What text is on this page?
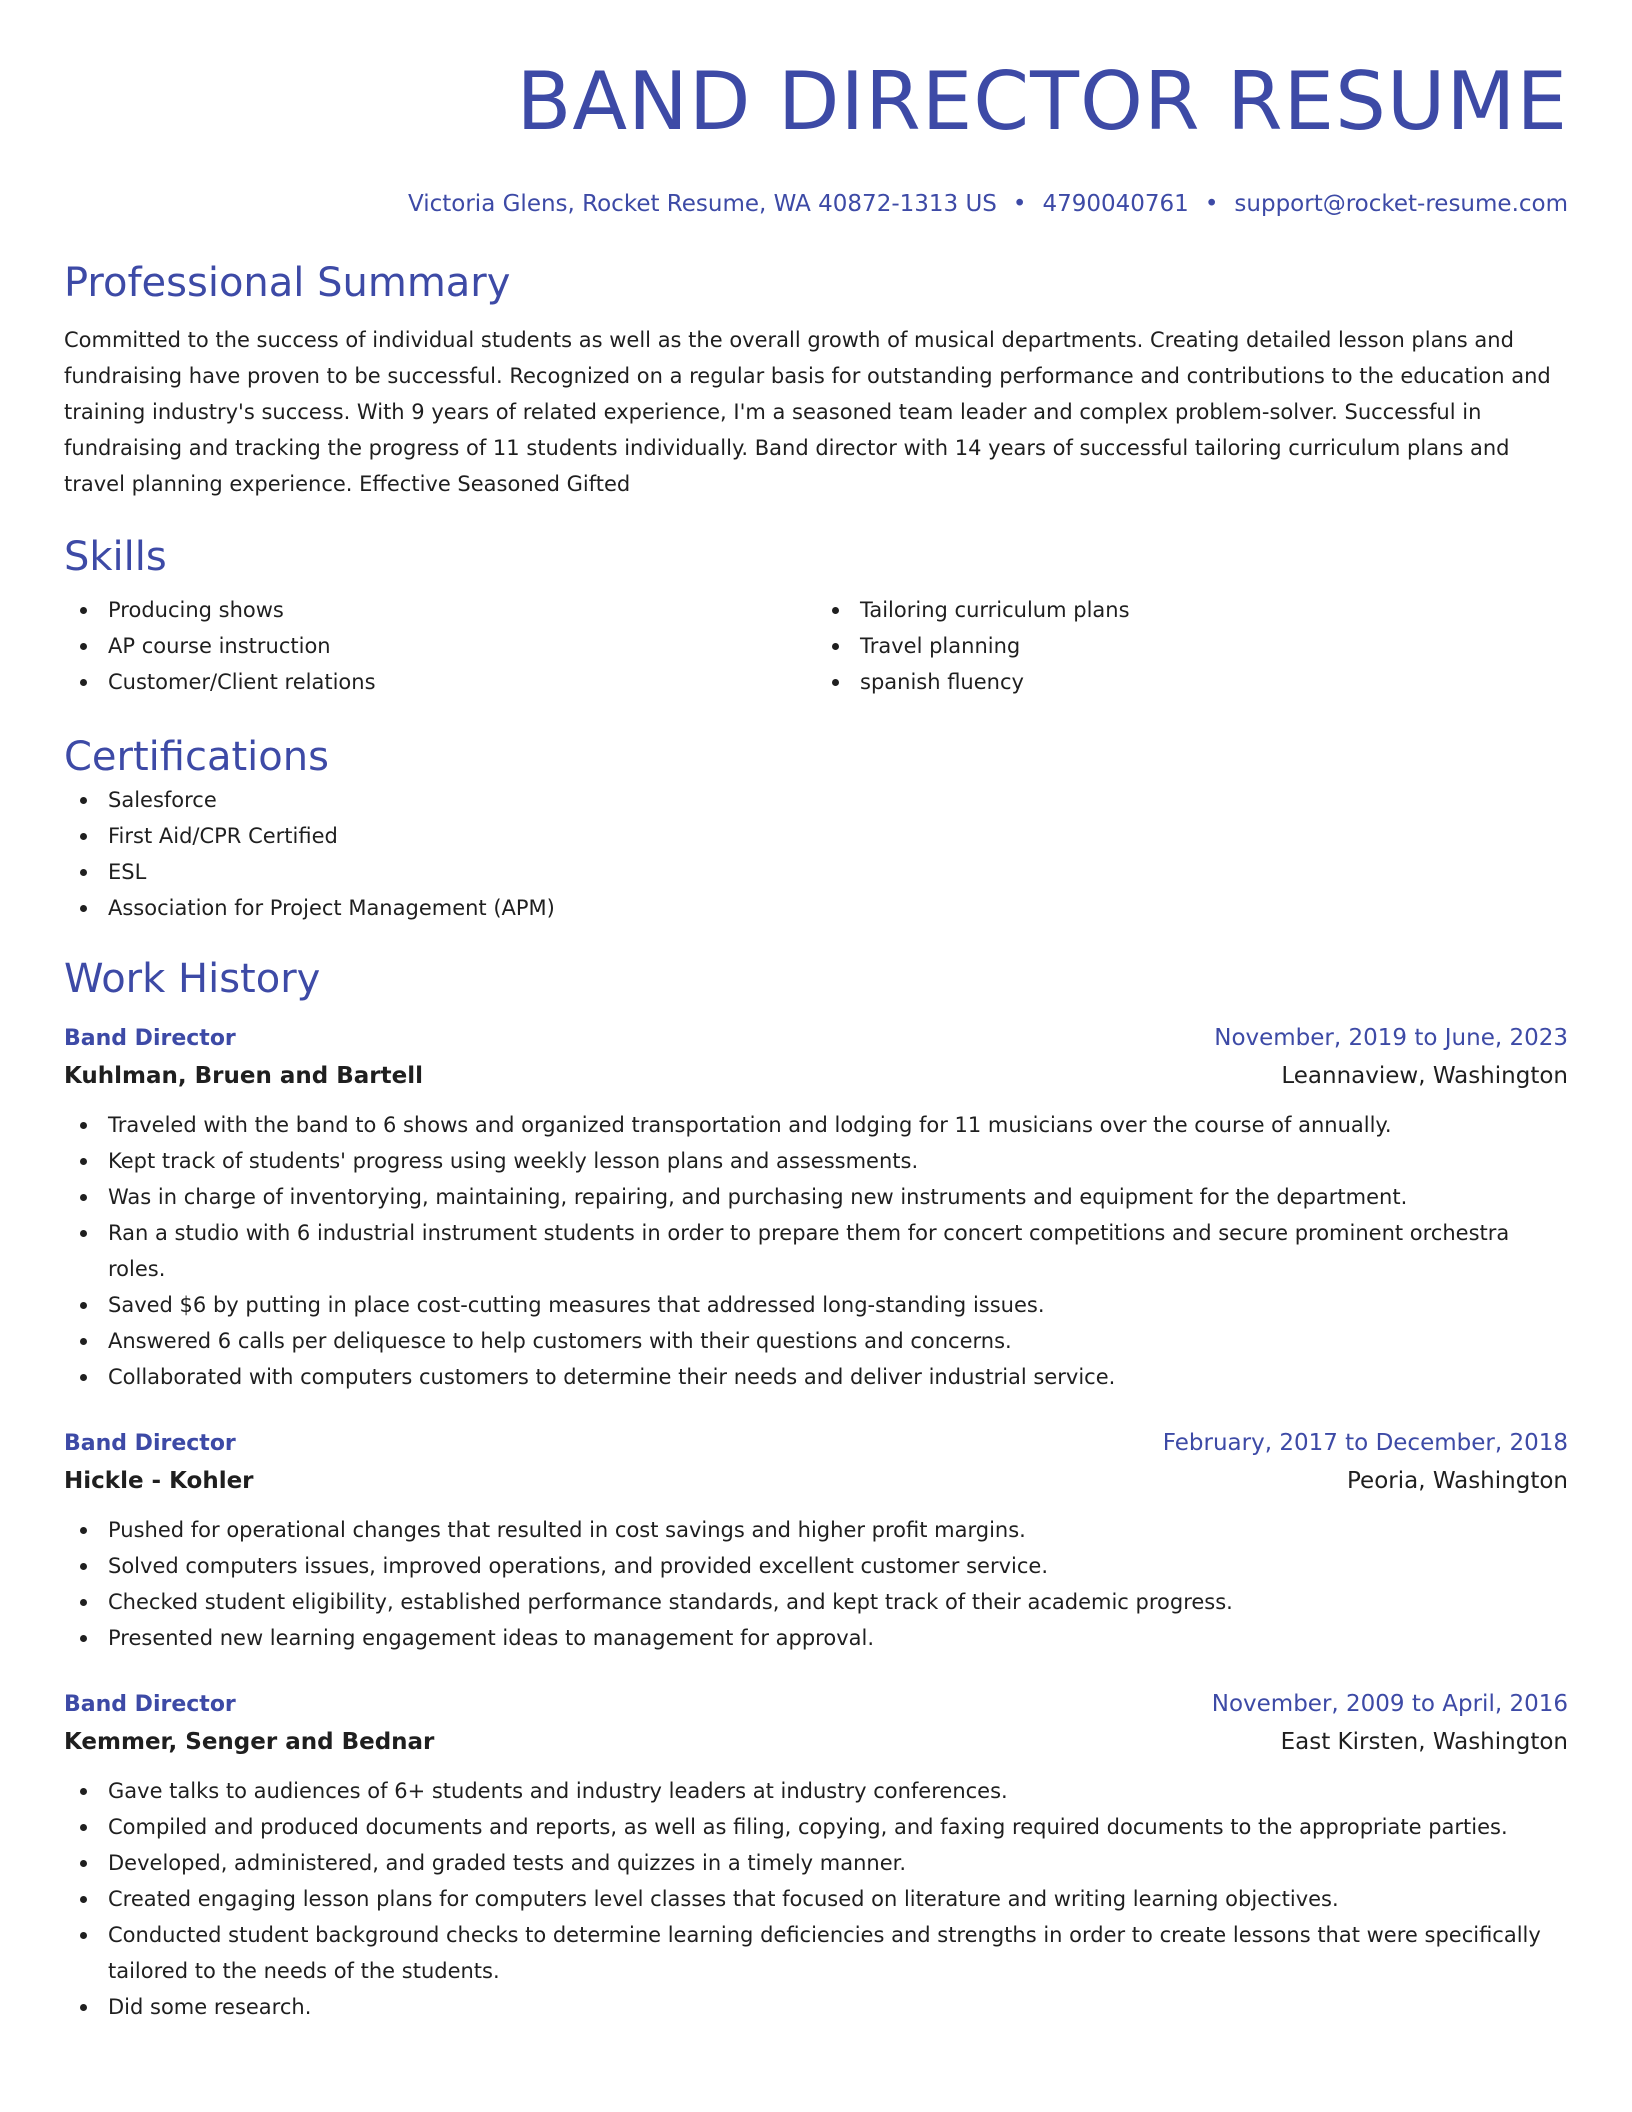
BAND DIRECTOR RESUME
Victoria Glens, Rocket Resume, WA 40872-1313 US • 4790040761 • support@rocket-resume.com
Professional Summary

Committed to the success of individual students as well as the overall growth of musical departments. Creating detailed lesson plans and fundraising have proven to be successful. Recognized on a regular basis for outstanding performance and contributions to the education and training industry's success. With 9 years of related experience, I'm a seasoned team leader and complex problem-solver. Successful in fundraising and tracking the progress of 11 students individually. Band director with 14 years of successful tailoring curriculum plans and travel planning experience. Effective Seasoned Gifted

Skills
Producing shows
AP course instruction
Customer/Client relations
Tailoring curriculum plans
Travel planning
spanish fluency
Certifications
Salesforce
First Aid/CPR Certified
ESL
Association for Project Management (APM)
Work History
Band Director	November, 2019 to June, 2023
Kuhlman, Bruen and Bartell	Leannaview, Washington
Traveled with the band to 6 shows and organized transportation and lodging for 11 musicians over the course of annually.
Kept track of students' progress using weekly lesson plans and assessments.
Was in charge of inventorying, maintaining, repairing, and purchasing new instruments and equipment for the department.
Ran a studio with 6 industrial instrument students in order to prepare them for concert competitions and secure prominent orchestra roles.
Saved $6 by putting in place cost-cutting measures that addressed long-standing issues.
Answered 6 calls per deliquesce to help customers with their questions and concerns.
Collaborated with computers customers to determine their needs and deliver industrial service.
Band Director	February, 2017 to December, 2018
Hickle - Kohler	Peoria, Washington
Pushed for operational changes that resulted in cost savings and higher profit margins.
Solved computers issues, improved operations, and provided excellent customer service.
Checked student eligibility, established performance standards, and kept track of their academic progress.
Presented new learning engagement ideas to management for approval.
Band Director	November, 2009 to April, 2016
Kemmer, Senger and Bednar	East Kirsten, Washington
Gave talks to audiences of 6+ students and industry leaders at industry conferences.
Compiled and produced documents and reports, as well as filing, copying, and faxing required documents to the appropriate parties.
Developed, administered, and graded tests and quizzes in a timely manner.
Created engaging lesson plans for computers level classes that focused on literature and writing learning objectives.
Conducted student background checks to determine learning deficiencies and strengths in order to create lessons that were specifically tailored to the needs of the students.
Did some research.
